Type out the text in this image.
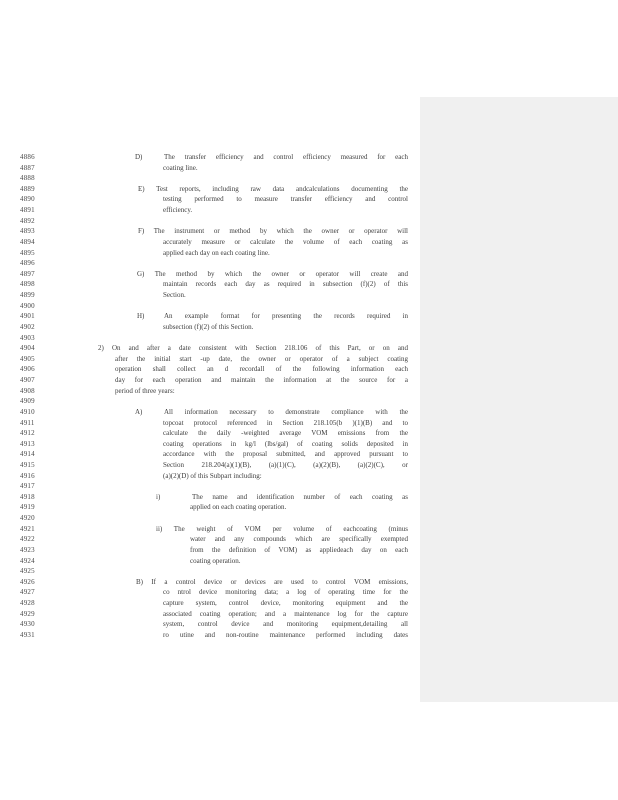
4886	D)	The transfer efficiency and control efficiency measured for each
4887	coating line.
4888
4889	E) Test reports, including raw data andcalculations documenting the
4890	testing performed to measure transfer efficiency and control
4891	efficiency.
4892
4893	F) The instrument or method by which the owner or operator will
4894	accurately measure or calculate the volume of each coating as
4895	applied each day on each coating line.
4896
4897	G) The method by which the owner or operator will create and
4898	maintain records each day as required in subsection (f)(2) of this
4899	Section.
4900
4901	H)	An example format for presenting the records required in
4902	subsection (f)(2) of this Section.
4903
4904	2) On and after a date consistent with Section 218.106 of this Part, or on and
4905	after the initial start -up date, the owner or operator of a subject coating
4906	operation shall collect an d recordall of the following information each
4907	day for each operation and maintain the information at the source for a
4908	period of three years:
4909
4910	A)	All information necessary to demonstrate compliance with the
4911	topcoat protocol referenced in Section 218.105(b )(1)(B) and to
4912	calculate the daily -weighted average VOM emissions from the
4913	coating operations in kg/l (lbs/gal) of coating solids deposited in
4914	accordance with the proposal submitted, and approved pursuant to
4915	Section 218.204(a)(1)(B), (a)(1)(C), (a)(2)(B), (a)(2)(C), or
4916	(a)(2)(D) of this Subpart including:
4917
4918	i)	The name and identification number of each coating as
4919	applied on each coating operation.
4920
4921	ii) The weight of VOM per volume of eachcoating (minus
4922	water and any compounds which are specifically exempted
4923	from the definition of VOM) as appliedeach day on each
4924	coating operation.
4925
4926	B) If a control device or devices are used to control VOM emissions,
4927	co ntrol device monitoring data; a log of operating time for the
4928	capture system, control device, monitoring equipment and the
4929	associated coating operation; and a maintenance log for the capture
4930	system, control device and monitoring equipment,detailing all
4931	ro utine and non-routine maintenance performed including dates
